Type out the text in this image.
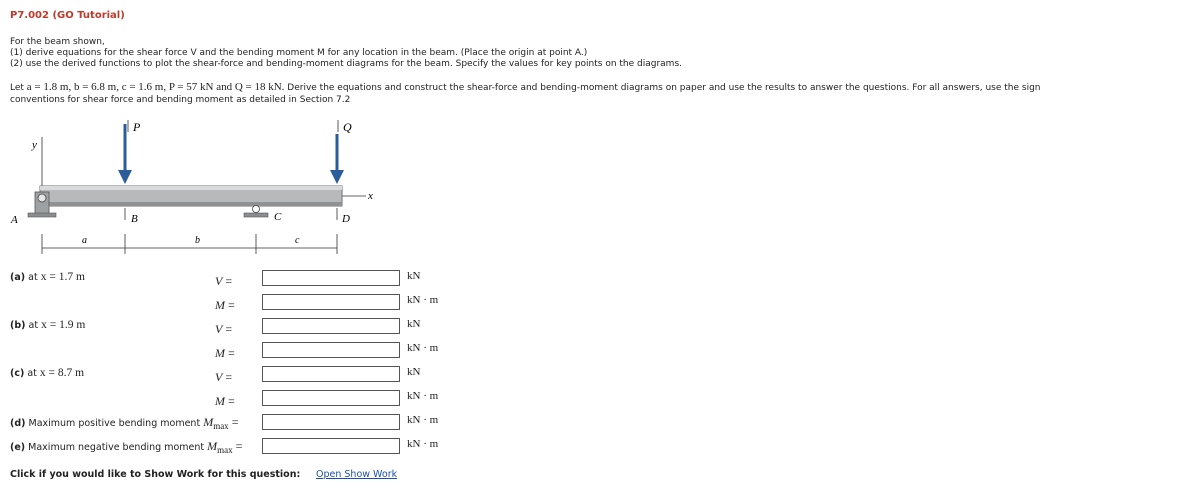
P7.002 (GO Tutorial)
For the beam shown,
(1) derive equations for the shear force V and the bending moment M for any location in the beam. (Place the origin at point A.)
(2) use the derived functions to plot the shear-force and bending-moment diagrams for the beam. Specify the values for key points on the diagrams.
Let a = 1.8 m, b = 6.8 m, c = 1.6 m, P = 57 kN and Q = 18 kN. Derive the equations and construct the shear-force and bending-moment diagrams on paper and use the results to answer the questions. For all answers, use the sign
conventions for shear force and bending moment as detailed in Section 7.2
y
x
A	B	C	D
P	Q
a	b	c
(a) at x = 1.7 m	V =	kN
M =	kN · m
(b) at x = 1.9 m	V =	kN
M =	kN · m
(c) at x = 8.7 m	V =	kN
M =	kN · m
(d) Maximum positive bending moment $M_{max}$ =	kN · m
(e) Maximum negative bending moment $M_{max}$ =	kN · m
Click if you would like to Show Work for this question: Open Show Work
